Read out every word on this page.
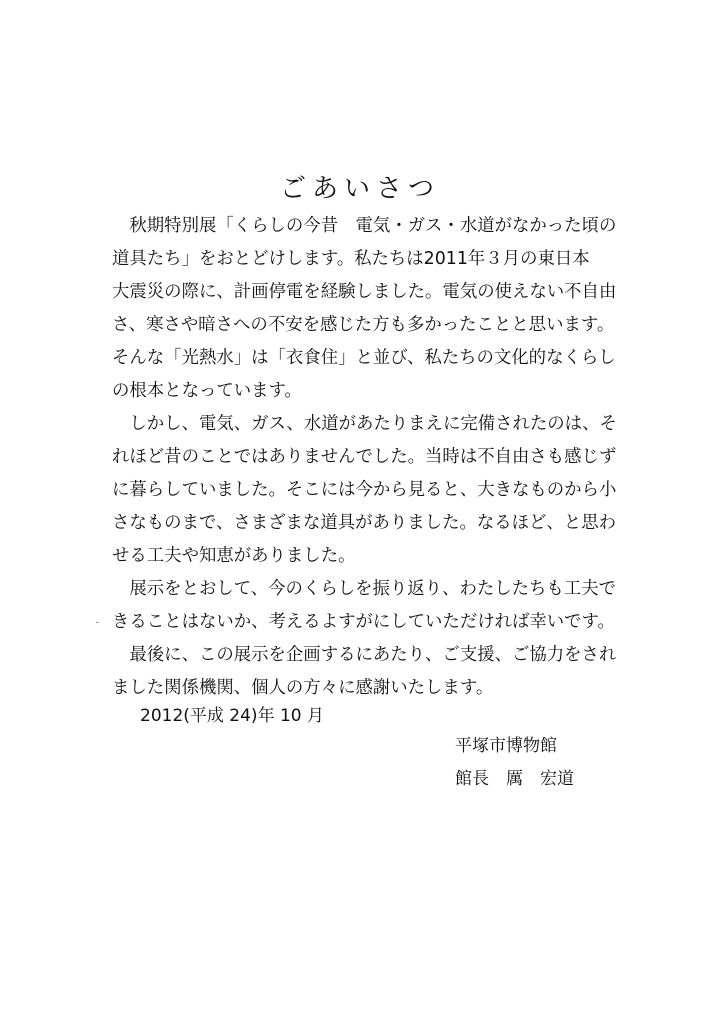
ごあいさつ
　秋期特別展「くらしの今昔　電気・ガス・水道がなかった頃の
道具たち」をおとどけします。私たちは2011年３月の東日本
大震災の際に、計画停電を経験しました。電気の使えない不自由
さ、寒さや暗さへの不安を感じた方も多かったことと思います。
そんな「光熱水」は「衣食住」と並び、私たちの文化的なくらし
の根本となっています。
　しかし、電気、ガス、水道があたりまえに完備されたのは、そ
れほど昔のことではありませんでした。当時は不自由さも感じず
に暮らしていました。そこには今から見ると、大きなものから小
さなものまで、さまざまな道具がありました。なるほど、と思わ
せる工夫や知恵がありました。
　展示をとおして、今のくらしを振り返り、わたしたちも工夫で
きることはないか、考えるよすがにしていただければ幸いです。
　最後に、この展示を企画するにあたり、ご支援、ご協力をされ
ました関係機関、個人の方々に感謝いたします。
2012(平成 24)年 10 月
平塚市博物館
館長　厲　宏道
